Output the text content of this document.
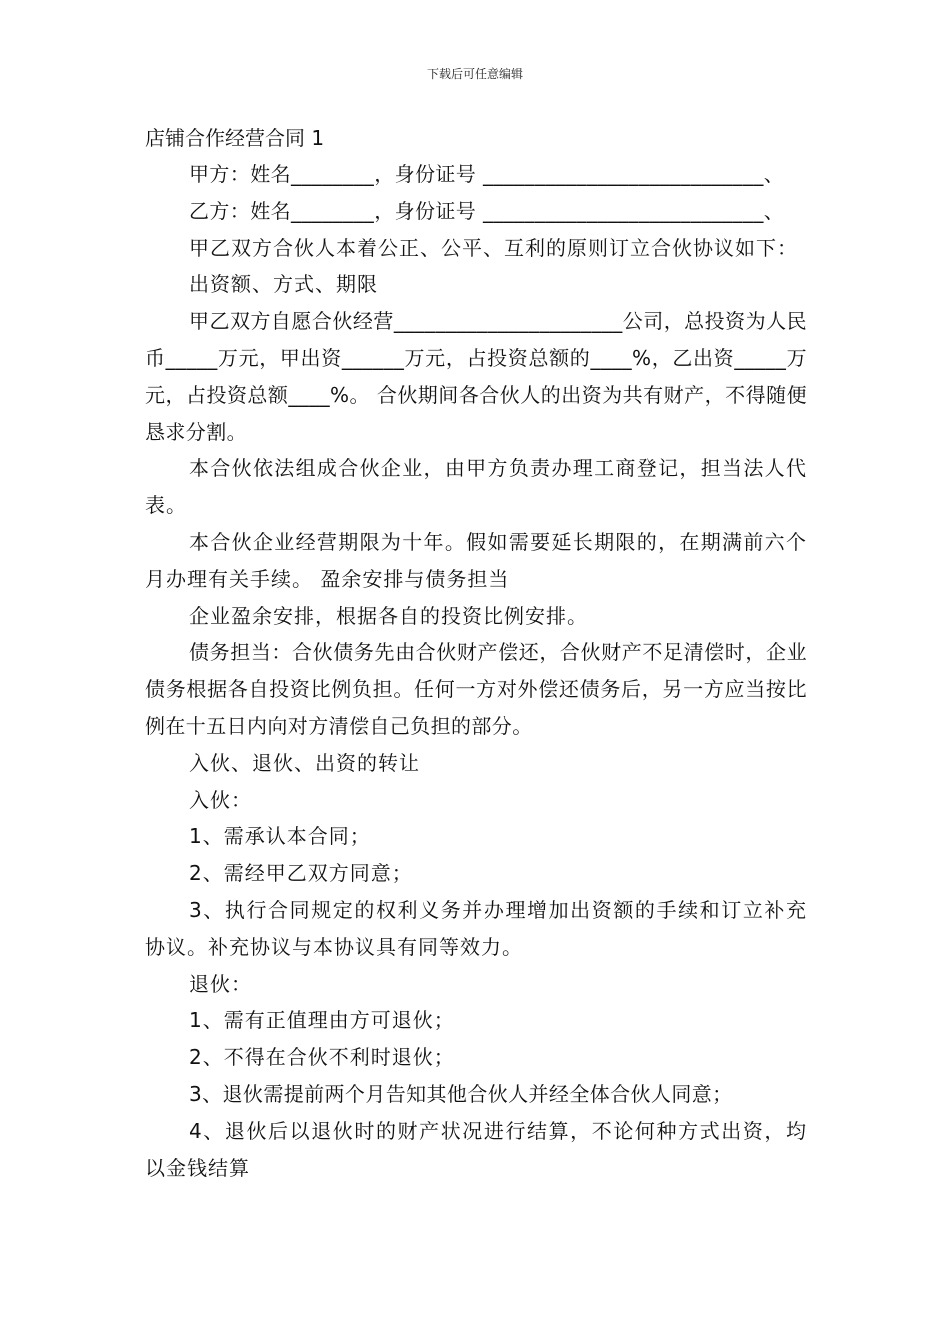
下载后可任意编辑

店铺合作经营合同 1

甲方：姓名________，身份证号 ___________________________、

乙方：姓名________，身份证号 ___________________________、

甲乙双方合伙人本着公正、公平、互利的原则订立合伙协议如下：

出资额、方式、期限

甲乙双方自愿合伙经营______________________公司，总投资为人民币_____万元，甲出资______万元，占投资总额的____%，乙出资_____万元，占投资总额____%。 合伙期间各合伙人的出资为共有财产，不得随便恳求分割。

本合伙依法组成合伙企业，由甲方负责办理工商登记，担当法人代表。

本合伙企业经营期限为十年。假如需要延长期限的，在期满前六个月办理有关手续。 盈余安排与债务担当

企业盈余安排，根据各自的投资比例安排。

债务担当：合伙债务先由合伙财产偿还，合伙财产不足清偿时，企业债务根据各自投资比例负担。任何一方对外偿还债务后，另一方应当按比例在十五日内向对方清偿自己负担的部分。

入伙、退伙、出资的转让

入伙：

1、需承认本合同；

2、需经甲乙双方同意；

3、执行合同规定的权利义务并办理增加出资额的手续和订立补充协议。补充协议与本协议具有同等效力。

退伙：

1、需有正值理由方可退伙；

2、不得在合伙不利时退伙；

3、退伙需提前两个月告知其他合伙人并经全体合伙人同意；

4、退伙后以退伙时的财产状况进行结算，不论何种方式出资，均以金钱结算
